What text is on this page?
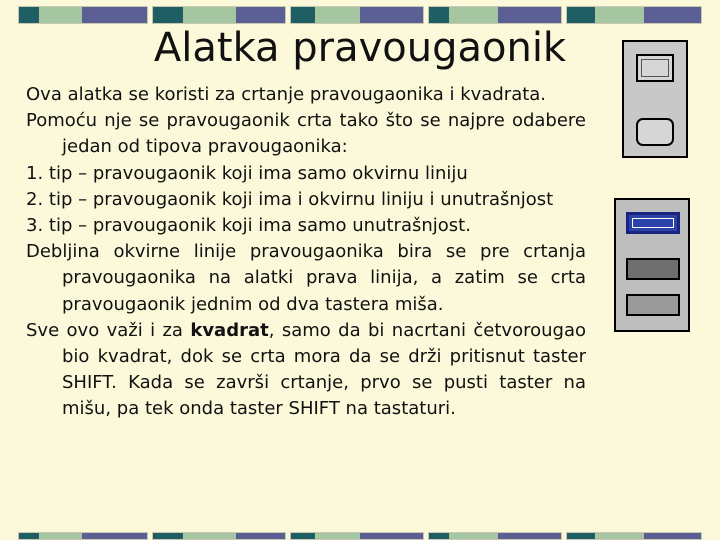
Alatka pravougaonik

Ova alatka se koristi za crtanje pravougaonika i kvadrata.

Pomoću nje se pravougaonik crta tako što se najpre odabere jedan od tipova pravougaonika:

1. tip – pravougaonik koji ima samo okvirnu liniju

2. tip – pravougaonik koji ima i okvirnu liniju i unutrašnjost

3. tip – pravougaonik koji ima samo unutrašnjost.

Debljina okvirne linije pravougaonika bira se pre crtanja pravougaonika na alatki prava linija, a zatim se crta pravougaonik jednim od dva tastera miša.

Sve ovo važi i za kvadrat, samo da bi nacrtani četvorougao bio kvadrat, dok se crta mora da se drži pritisnut taster SHIFT. Kada se završi crtanje, prvo se pusti taster na mišu, pa tek onda taster SHIFT na tastaturi.
